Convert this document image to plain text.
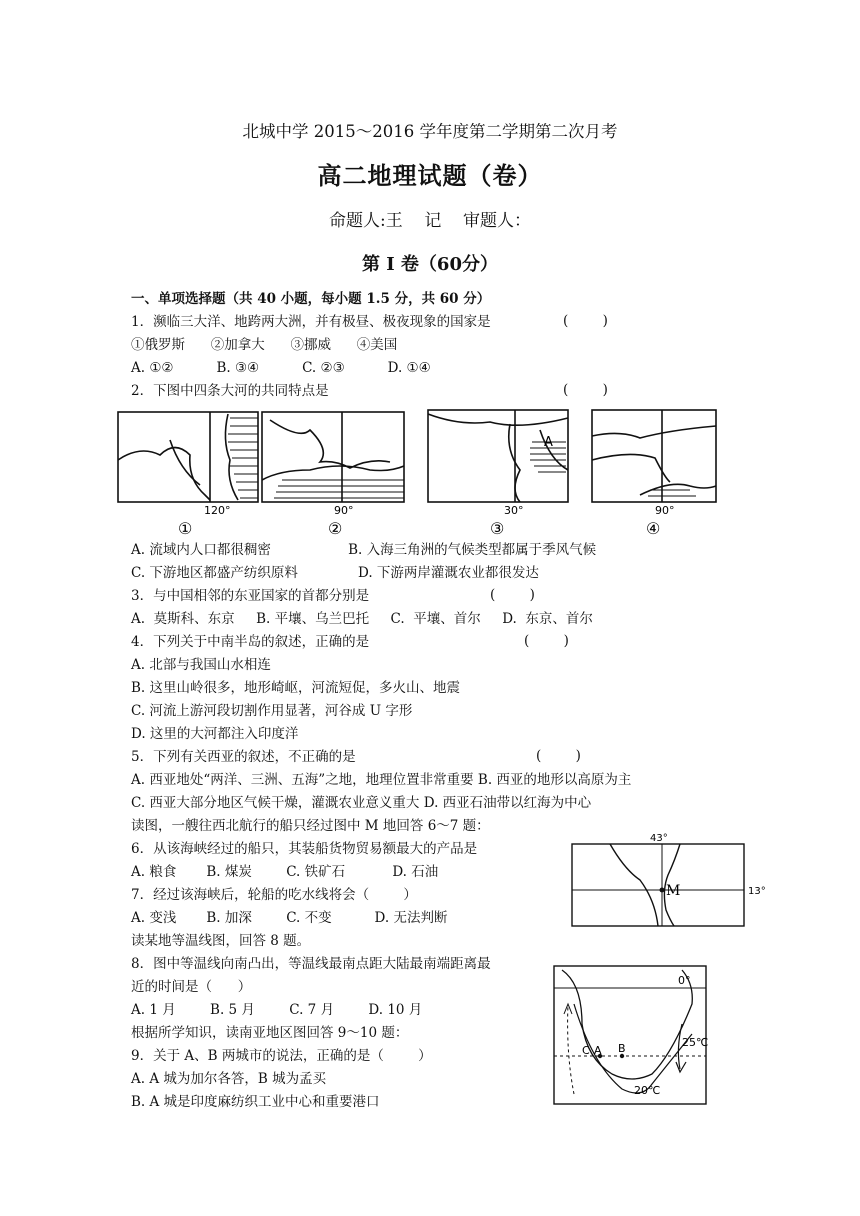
北城中学 2015～2016 学年度第二学期第二次月考
高二地理试题（卷）
命题人:王    记    审题人：
第 I 卷（60分）
一、单项选择题（共 40 小题，每小题 1.5 分，共 60 分）
1．濒临三大洋、地跨两大洲，并有极昼、极夜现象的国家是	(        )
①俄罗斯      ②加拿大      ③挪威      ④美国
A. ①②          B. ③④          C. ②③          D. ①④
2．下图中四条大河的共同特点是	(        )
120°
①
90°
②
A
30°
③
90°
④
A. 流域内人口都很稠密                  B. 入海三角洲的气候类型都属于季风气候
C. 下游地区都盛产纺织原料              D. 下游两岸灌溉农业都很发达
3．与中国相邻的东亚国家的首都分别是	(        )
A.  莫斯科、东京     B. 平壤、乌兰巴托     C.  平壤、首尔     D.  东京、首尔
4．下列关于中南半岛的叙述，正确的是	(        )
A. 北部与我国山水相连
B. 这里山岭很多，地形崎岖，河流短促，多火山、地震
C. 河流上游河段切割作用显著，河谷成 U 字形
D. 这里的大河都注入印度洋
5．下列有关西亚的叙述，不正确的是	(        )
A. 西亚地处“两洋、三洲、五海”之地，地理位置非常重要 B. 西亚的地形以高原为主
C. 西亚大部分地区气候干燥，灌溉农业意义重大 D. 西亚石油带以红海为中心
读图，一艘往西北航行的船只经过图中 M 地回答 6～7 题：
6．从该海峡经过的船只，其装船货物贸易额最大的产品是
A. 粮食       B. 煤炭        C. 铁矿石           D. 石油
7．经过该海峡后，轮船的吃水线将会（        ）
A. 变浅       B. 加深        C. 不变          D. 无法判断
读某地等温线图，回答 8 题。
8．图中等温线向南凸出，等温线最南点距大陆最南端距离最
近的时间是（      ）
A. 1 月        B. 5 月        C. 7 月        D. 10 月
根据所学知识，读南亚地区图回答 9～10 题：
9．关于 A、B 两城市的说法，正确的是（        ）
A. A 城为加尔各答，B 城为孟买
B. A 城是印度麻纺织工业中心和重要港口
M
43°
13°
0°
C A B	25℃
20℃
